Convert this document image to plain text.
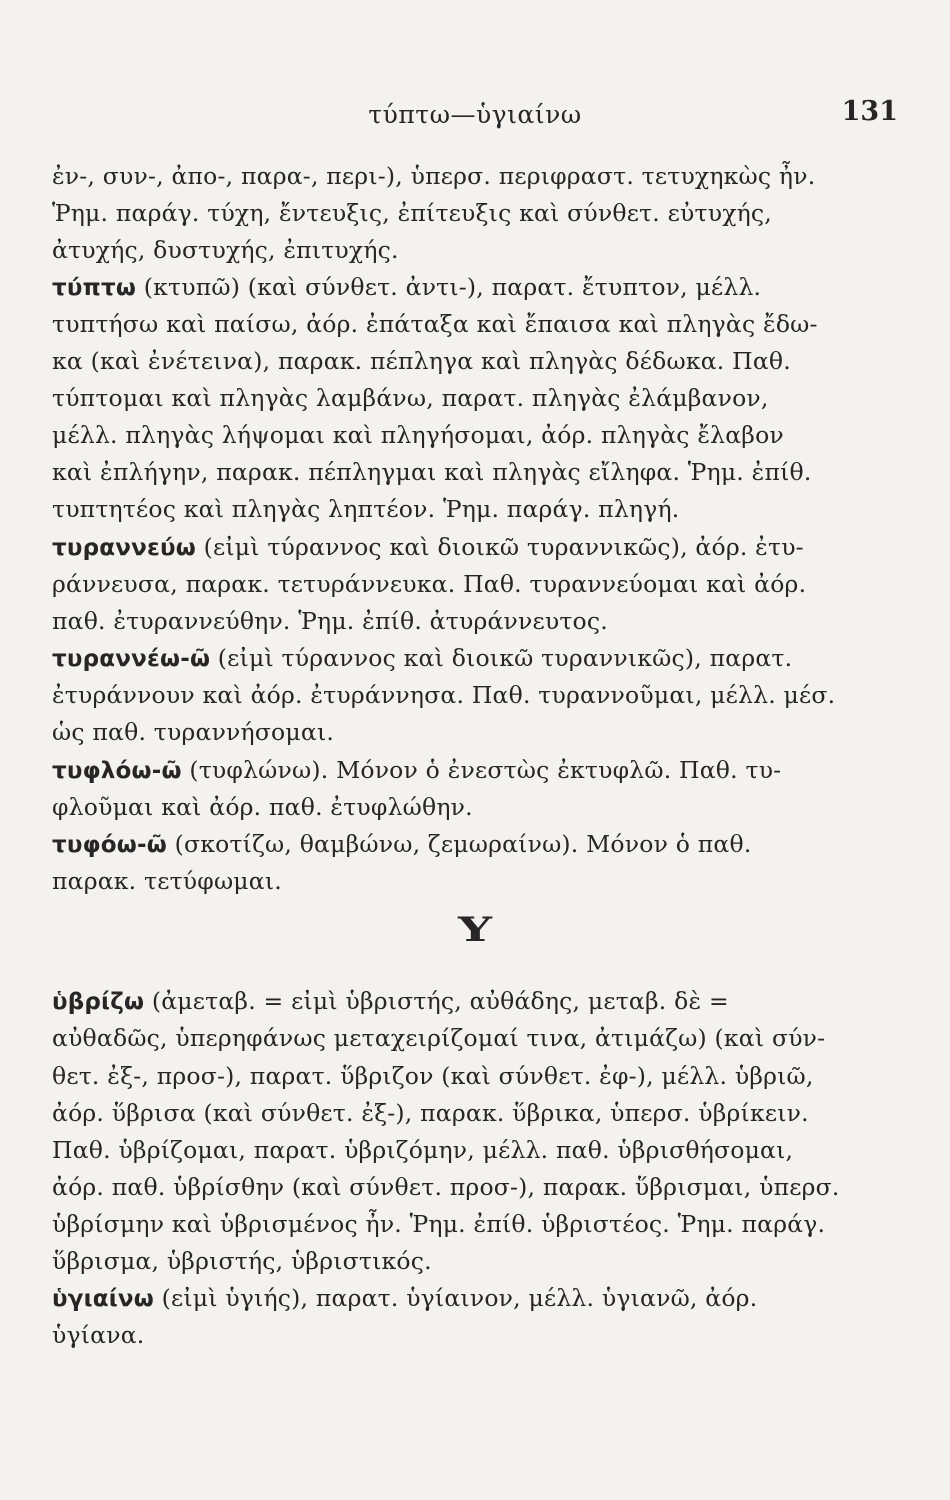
τύπτω—ὑγιαίνω	131
ἐν-, συν-, ἀπο-, παρα-, περι-), ὑπερσ. περιφραστ. τετυχηκὼς ἦν.
Ῥημ. παράγ. τύχη, ἔντευξις, ἐπίτευξις καὶ σύνθετ. εὐτυχής,
ἀτυχής, δυστυχής, ἐπιτυχής.
τύπτω (κτυπῶ) (καὶ σύνθετ. ἀντι-), παρατ. ἔτυπτον, μέλλ.
τυπτήσω καὶ παίσω, ἀόρ. ἐπάταξα καὶ ἔπαισα καὶ πληγὰς ἔδω-
κα (καὶ ἐνέτεινα), παρακ. πέπληγα καὶ πληγὰς δέδωκα. Παθ.
τύπτομαι καὶ πληγὰς λαμβάνω, παρατ. πληγὰς ἐλάμβανον,
μέλλ. πληγὰς λήψομαι καὶ πληγήσομαι, ἀόρ. πληγὰς ἔλαβον
καὶ ἐπλήγην, παρακ. πέπληγμαι καὶ πληγὰς εἴληφα. Ῥημ. ἐπίθ.
τυπτητέος καὶ πληγὰς ληπτέον. Ῥημ. παράγ. πληγή.
τυραννεύω (εἰμὶ τύραννος καὶ διοικῶ τυραννικῶς), ἀόρ. ἐτυ-
ράννευσα, παρακ. τετυράννευκα. Παθ. τυραννεύομαι καὶ ἀόρ.
παθ. ἐτυραννεύθην. Ῥημ. ἐπίθ. ἀτυράννευτος.
τυραννέω-ῶ (εἰμὶ τύραννος καὶ διοικῶ τυραννικῶς), παρατ.
ἐτυράννουν καὶ ἀόρ. ἐτυράννησα. Παθ. τυραννοῦμαι, μέλλ. μέσ.
ὡς παθ. τυραννήσομαι.
τυφλόω-ῶ (τυφλώνω). Μόνον ὁ ἐνεστὼς ἐκτυφλῶ. Παθ. τυ-
φλοῦμαι καὶ ἀόρ. παθ. ἐτυφλώθην.
τυφόω-ῶ (σκοτίζω, θαμβώνω, ζεμωραίνω). Μόνον ὁ παθ.
παρακ. τετύφωμαι.
ὑβρίζω (ἀμεταβ. = εἰμὶ ὑβριστής, αὐθάδης, μεταβ. δὲ =
αὐθαδῶς, ὑπερηφάνως μεταχειρίζομαί τινα, ἀτιμάζω) (καὶ σύν-
θετ. ἐξ-, προσ-), παρατ. ὕβριζον (καὶ σύνθετ. ἐφ-), μέλλ. ὑβριῶ,
ἀόρ. ὕβρισα (καὶ σύνθετ. ἐξ-), παρακ. ὕβρικα, ὑπερσ. ὑβρίκειν.
Παθ. ὑβρίζομαι, παρατ. ὑβριζόμην, μέλλ. παθ. ὑβρισθήσομαι,
ἀόρ. παθ. ὑβρίσθην (καὶ σύνθετ. προσ-), παρακ. ὕβρισμαι, ὑπερσ.
ὑβρίσμην καὶ ὑβρισμένος ἦν. Ῥημ. ἐπίθ. ὑβριστέος. Ῥημ. παράγ.
ὕβρισμα, ὑβριστής, ὑβριστικός.
ὑγιαίνω (εἰμὶ ὑγιής), παρατ. ὑγίαινον, μέλλ. ὑγιανῶ, ἀόρ.
ὑγίανα.
Υ
